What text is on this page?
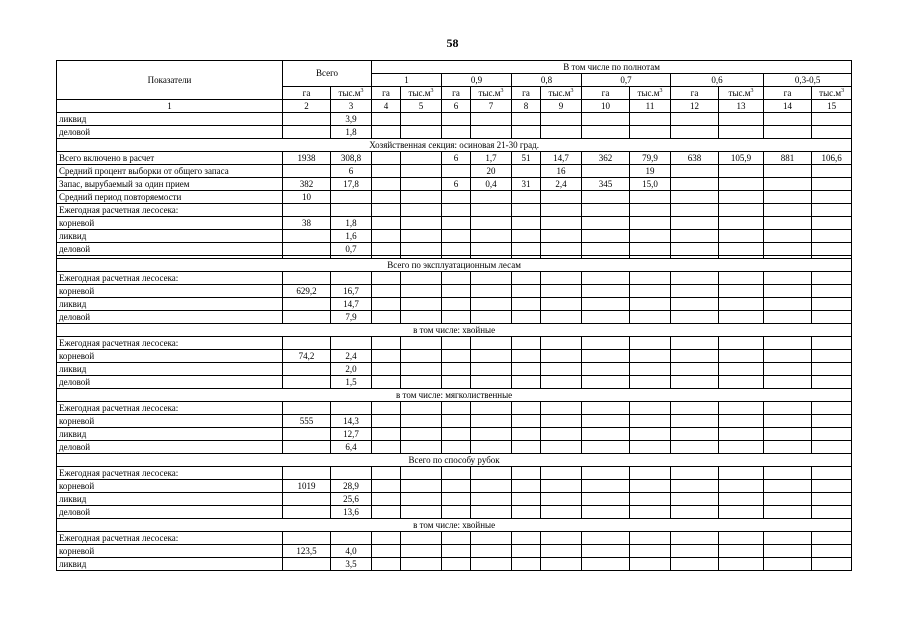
58
Показатели	Всего		В том числе по полнотам											
			1		0,9		0,8		0,7		0,6		0,3-0,5	
	га	$тыс.м^3$	га	$тыс.м^3$	га	$тыс.м^3$	га	$тыс.м^3$	га	$тыс.м^3$	га	$тыс.м^3$	га	$тыс.м^3$
1	2	3	4	5	6	7	8	9	10	11	12	13	14	15
ликвид		3,9												
деловой		1,8												
Хозяйственная секция: осиновая 21-30 град.														
Всего включено в расчет	1938	308,8			6	1,7	51	14,7	362	79,9	638	105,9	881	106,6
Средний процент выборки от общего запаса		6				20		16		19				
Запас, вырубаемый за один прием	382	17,8			6	0,4	31	2,4	345	15,0				
Средний период повторяемости	10													
Ежегодная расчетная лесосека:														
корневой	38	1,8												
ликвид		1,6												
деловой		0,7												

Всего по эксплуатационным лесам														
Ежегодная расчетная лесосека:														
корневой	629,2	16,7												
ликвид		14,7												
деловой		7,9												
в том числе: хвойные														
Ежегодная расчетная лесосека:														
корневой	74,2	2,4												
ликвид		2,0												
деловой		1,5												
в том числе: мягколиственные														
Ежегодная расчетная лесосека:														
корневой	555	14,3												
ликвид		12,7												
деловой		6,4												
Всего по способу рубок														
Ежегодная расчетная лесосека:														
корневой	1019	28,9												
ликвид		25,6												
деловой		13,6												
в том числе: хвойные														
Ежегодная расчетная лесосека:														
корневой	123,5	4,0												
ликвид		3,5												
